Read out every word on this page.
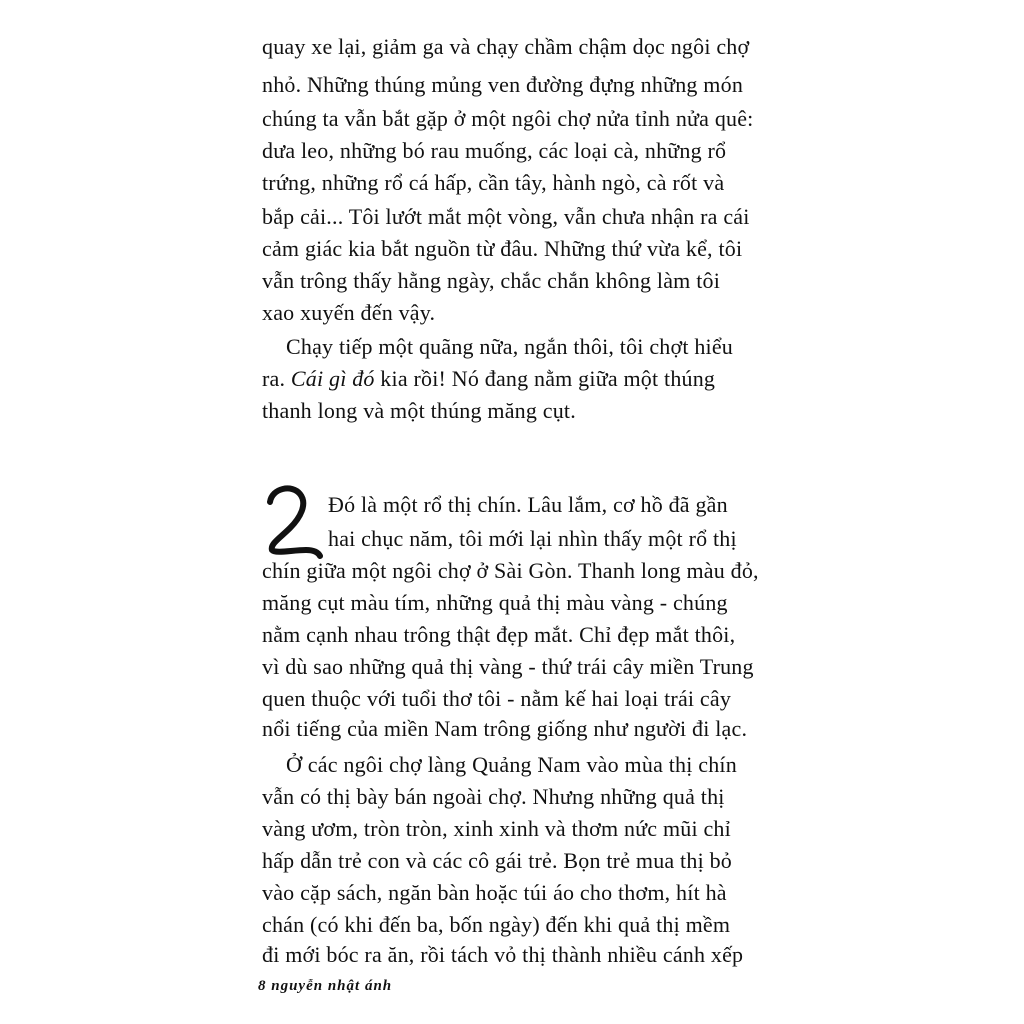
quay xe lại, giảm ga và chạy chầm chậm dọc ngôi chợ
nhỏ. Những thúng mủng ven đường đựng những món
chúng ta vẫn bắt gặp ở một ngôi chợ nửa tỉnh nửa quê:
dưa leo, những bó rau muống, các loại cà, những rổ
trứng, những rổ cá hấp, cần tây, hành ngò, cà rốt và
bắp cải... Tôi lướt mắt một vòng, vẫn chưa nhận ra cái
cảm giác kia bắt nguồn từ đâu. Những thứ vừa kể, tôi
vẫn trông thấy hằng ngày, chắc chắn không làm tôi
xao xuyến đến vậy.
Chạy tiếp một quãng nữa, ngắn thôi, tôi chợt hiểu
ra. Cái gì đó kia rồi! Nó đang nằm giữa một thúng
thanh long và một thúng măng cụt.
Đó là một rổ thị chín. Lâu lắm, cơ hồ đã gần
hai chục năm, tôi mới lại nhìn thấy một rổ thị
chín giữa một ngôi chợ ở Sài Gòn. Thanh long màu đỏ,
măng cụt màu tím, những quả thị màu vàng - chúng
nằm cạnh nhau trông thật đẹp mắt. Chỉ đẹp mắt thôi,
vì dù sao những quả thị vàng - thứ trái cây miền Trung
quen thuộc với tuổi thơ tôi - nằm kế hai loại trái cây
nổi tiếng của miền Nam trông giống như người đi lạc.
Ở các ngôi chợ làng Quảng Nam vào mùa thị chín
vẫn có thị bày bán ngoài chợ. Nhưng những quả thị
vàng ươm, tròn tròn, xinh xinh và thơm nức mũi chỉ
hấp dẫn trẻ con và các cô gái trẻ. Bọn trẻ mua thị bỏ
vào cặp sách, ngăn bàn hoặc túi áo cho thơm, hít hà
chán (có khi đến ba, bốn ngày) đến khi quả thị mềm
đi mới bóc ra ăn, rồi tách vỏ thị thành nhiều cánh xếp
8 nguyễn nhật ánh
